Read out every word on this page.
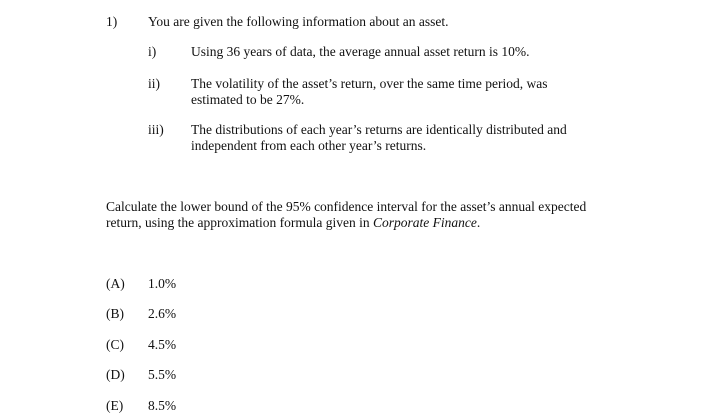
1) You are given the following information about an asset.
i)	Using 36 years of data, the average annual asset return is 10%.
ii) The volatility of the asset’s return, over the same time period, was
estimated to be 27%.
iii) The distributions of each year’s returns are identically distributed and
independent from each other year’s returns.
Calculate the lower bound of the 95% confidence interval for the asset’s annual expected
return, using the approximation formula given in Corporate Finance.
(A) 1.0%
(B) 2.6%
(C) 4.5%
(D) 5.5%
(E) 8.5%
